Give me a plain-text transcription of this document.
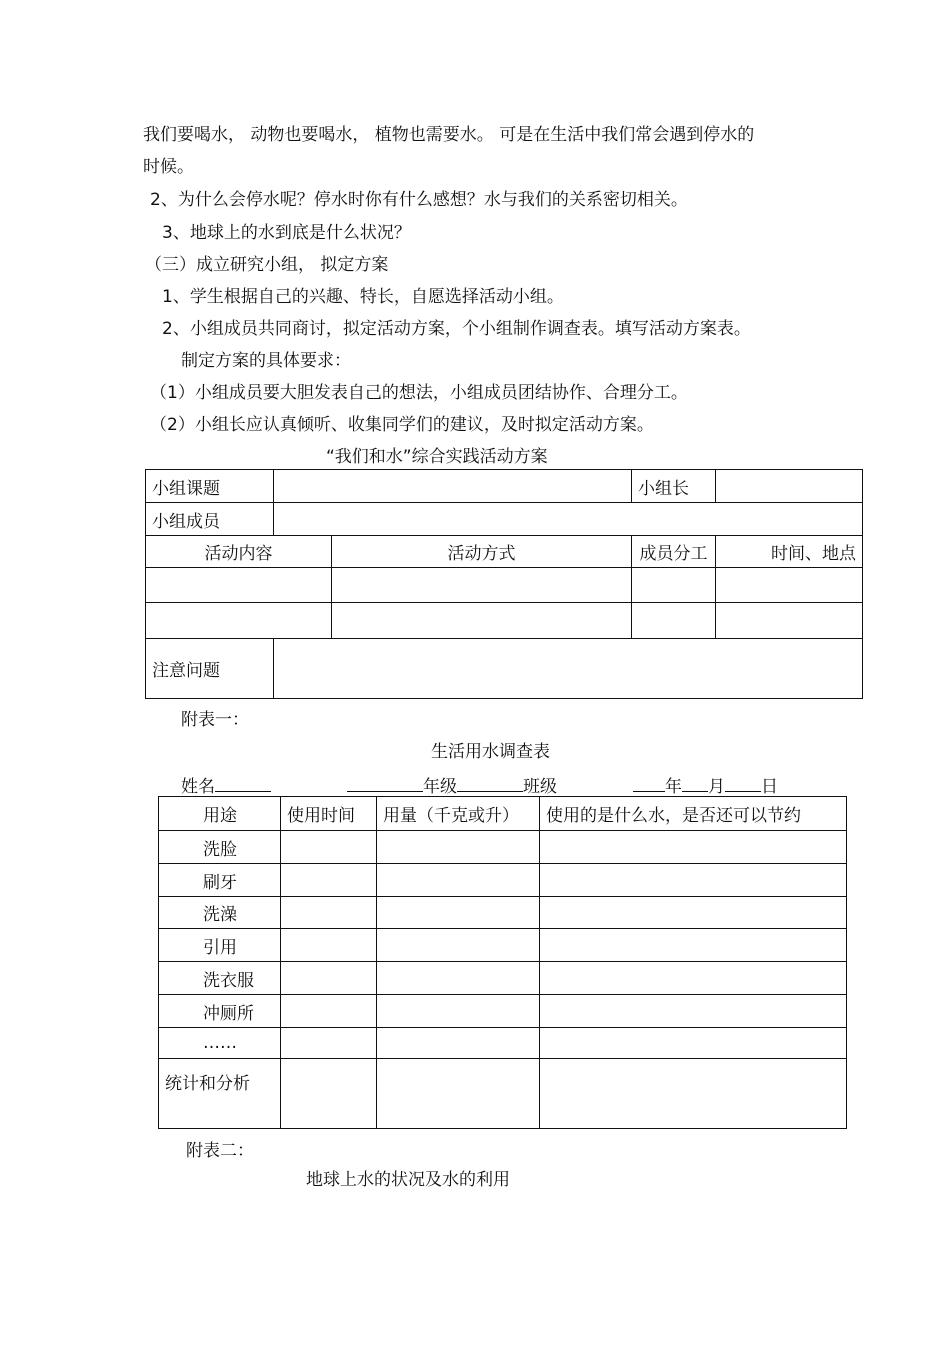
我们要喝水， 动物也要喝水， 植物也需要水。 可是在生活中我们常会遇到停水的
时候。
2、为什么会停水呢？停水时你有什么感想？水与我们的关系密切相关。
3、地球上的水到底是什么状况？
（三）成立研究小组， 拟定方案
1、学生根据自己的兴趣、特长，自愿选择活动小组。
2、小组成员共同商讨，拟定活动方案，个小组制作调查表。填写活动方案表。
制定方案的具体要求：
（1）小组成员要大胆发表自己的想法，小组成员团结协作、合理分工。
（2）小组长应认真倾听、收集同学们的建议，及时拟定活动方案。
“我们和水”综合实践活动方案
小组课题			小组长	
小组成员				
活动内容		活动方式	成员分工	时间、地点

注意问题				
附表一：
生活用水调查表
姓名	年级	班级	年 月 日
用途	使用时间	用量（千克或升）	使用的是什么水，是否还可以节约
洗脸			
刷牙			
洗澡			
引用			
洗衣服			
冲厕所			
……			
统计和分析			
附表二：
地球上水的状况及水的利用
